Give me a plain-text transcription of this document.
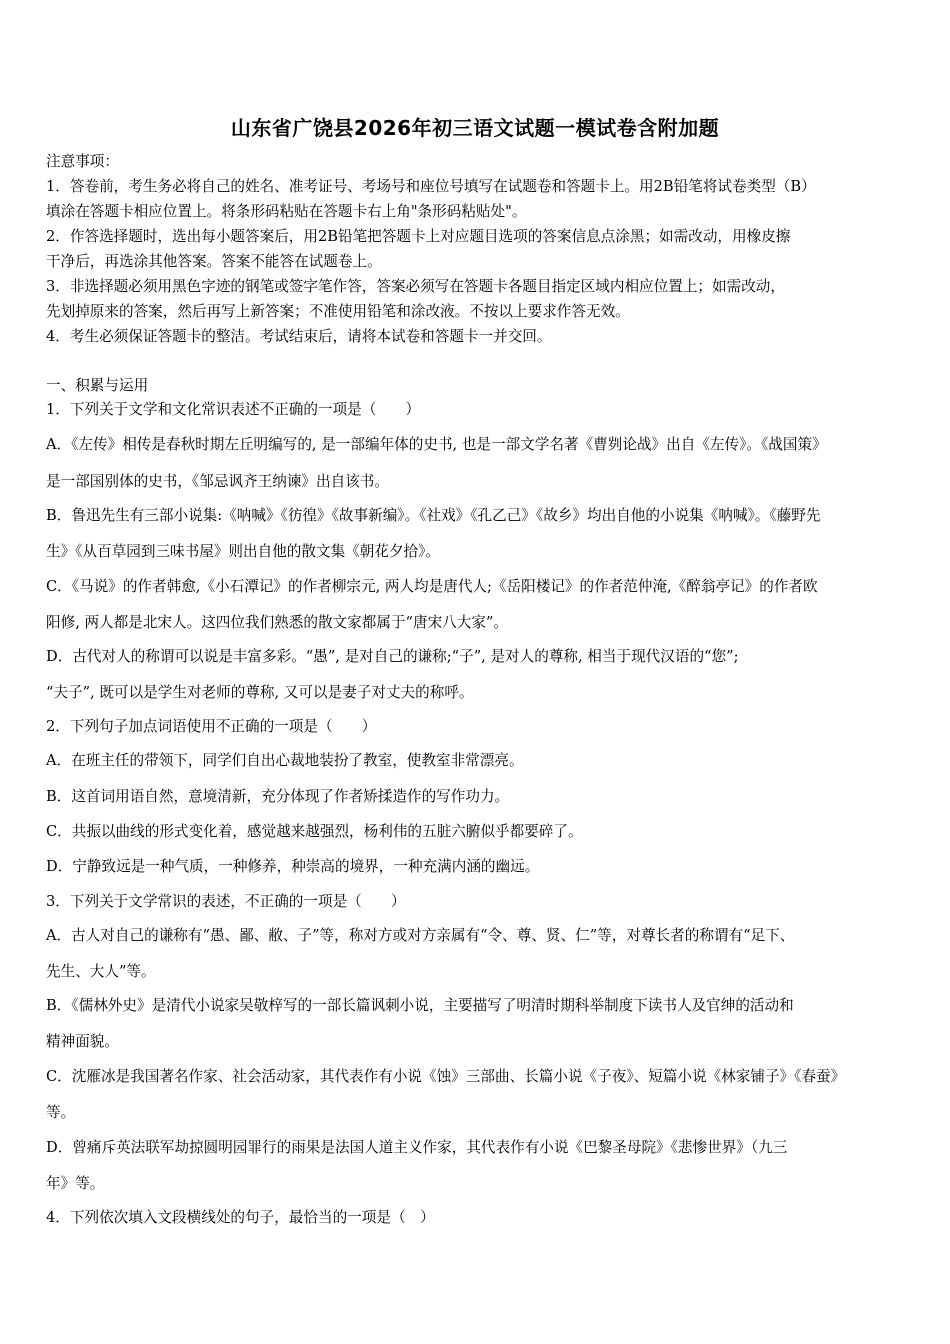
山东省广饶县2026年初三语文试题一模试卷含附加题
注意事项：
1．答卷前，考生务必将自己的姓名、准考证号、考场号和座位号填写在试题卷和答题卡上。用2B铅笔将试卷类型（B）
填涂在答题卡相应位置上。将条形码粘贴在答题卡右上角"条形码粘贴处"。
2．作答选择题时，选出每小题答案后，用2B铅笔把答题卡上对应题目选项的答案信息点涂黑；如需改动，用橡皮擦
干净后，再选涂其他答案。答案不能答在试题卷上。
3．非选择题必须用黑色字迹的钢笔或签字笔作答，答案必须写在答题卡各题目指定区域内相应位置上；如需改动，
先划掉原来的答案，然后再写上新答案；不准使用铅笔和涂改液。不按以上要求作答无效。
4．考生必须保证答题卡的整洁。考试结束后，请将本试卷和答题卡一并交回。
一、积累与运用
1．下列关于文学和文化常识表述不正确的一项是（　　）
A．《左传》相传是春秋时期左丘明编写的, 是一部编年体的史书, 也是一部文学名著《曹刿论战》出自《左传》。《战国策》
是一部国别体的史书，《邹忌讽齐王纳谏》出自该书。
B．鲁迅先生有三部小说集:《呐喊》《彷徨》《故事新编》。《社戏》《孔乙己》《故乡》均出自他的小说集《呐喊》。《藤野先
生》《从百草园到三味书屋》则出自他的散文集《朝花夕拾》。
C．《马说》的作者韩愈,《小石潭记》的作者柳宗元, 两人均是唐代人;《岳阳楼记》的作者范仲淹,《醉翁亭记》的作者欧
阳修, 两人都是北宋人。这四位我们熟悉的散文家都属于“唐宋八大家”。
D．古代对人的称谓可以说是丰富多彩。“愚”, 是对自己的谦称;“子”, 是对人的尊称, 相当于现代汉语的“您”;
“夫子”, 既可以是学生对老师的尊称, 又可以是妻子对丈夫的称呼。
2．下列句子加点词语使用不正确的一项是（　　）
A．在班主任的带领下，同学们自出心裁地装扮了教室，使教室非常漂亮。
B．这首词用语自然，意境清新，充分体现了作者矫揉造作的写作功力。
C．共振以曲线的形式变化着，感觉越来越强烈，杨利伟的五脏六腑似乎都要碎了。
D．宁静致远是一种气质，一种修养，种崇高的境界，一种充满内涵的幽远。
3．下列关于文学常识的表述，不正确的一项是（　　）
A．古人对自己的谦称有“愚、鄙、敝、子”等，称对方或对方亲属有“令、尊、贤、仁”等，对尊长者的称谓有“足下、
先生、大人”等。
B．《儒林外史》是清代小说家吴敬梓写的一部长篇讽刺小说，主要描写了明清时期科举制度下读书人及官绅的活动和
精神面貌。
C．沈雁冰是我国著名作家、社会活动家，其代表作有小说《蚀》三部曲、长篇小说《子夜》、短篇小说《林家铺子》《春蚕》
等。
D．曾痛斥英法联军劫掠圆明园罪行的雨果是法国人道主义作家，其代表作有小说《巴黎圣母院》《悲惨世界》（九三
年》等。
4．下列依次填入文段横线处的句子，最恰当的一项是（　）
